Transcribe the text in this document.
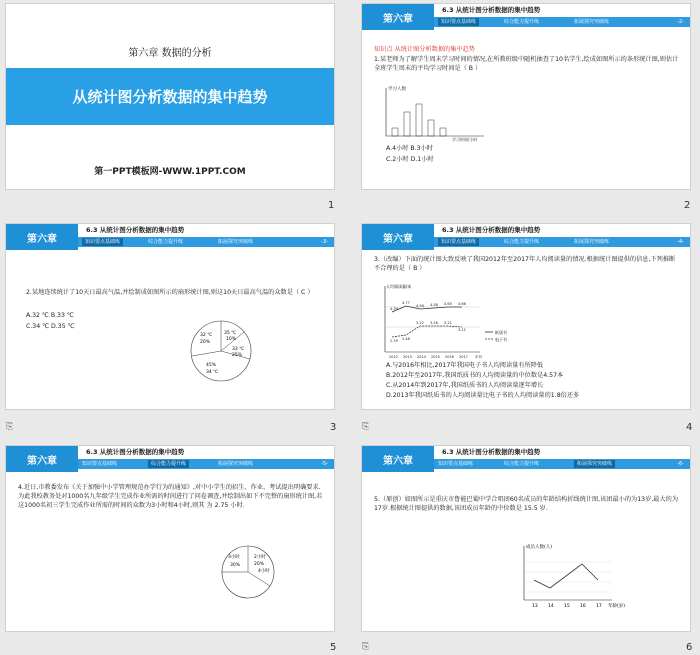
第六章 数据的分析
从统计图分析数据的集中趋势
第一PPT模板网-WWW.1PPT.COM
1
第六章
6.3 从统计图分析数据的集中趋势
知识要点基础练	综合能力提升练	拓展探究突破练	-2-
知识点 从统计图分析数据的集中趋势
1.某老师为了解学生周末学习时间的情况,在所教班级中随机抽查了10名学生,绘成如图所示的条形统计图,则估计全班学生周末的平均学习时间是（ B ）
学习人数
学习时间/小时
A.4小时 B.3小时
C.2小时 D.1小时
2
第六章
6.3 从统计图分析数据的集中趋势
知识要点基础练	综合能力提升练	拓展探究突破练	-3-
2.某地连续统计了10天日最高气温,并绘制成如图所示的扇形统计图,则这10天日最高气温的众数是（ C ）
A.32 ℃ B.33 ℃
C.34 ℃ D.35 ℃
35 ℃
10%
32 ℃
20%
33 ℃
25%
45%
34 ℃
⎘	3
第六章
6.3 从统计图分析数据的集中趋势
知识要点基础练	综合能力提升练	拓展探究突破练	-4-
3.（改编）下面的统计图大致反映了我国2012年至2017年人均阅读量的情况.根据统计图提供的信息,下列推断不合理的是（ B ）
人均阅读量/本
4.39
4.77
4.56 4.58 4.65 4.66
2.35 2.48
3.22 3.26 3.21
3.12
2012 2013 2014 2015 2016 2017 年份
纸质书
电子书
A.与2016年相比,2017年我国电子书人均阅读量有所降低
B.2012年至2017年,我国纸质书的人均阅读量的中位数是4.57本
C.从2014年到2017年,我国纸质书的人均阅读量逐年增长
D.2013年我国纸质书的人均阅读量比电子书的人均阅读量的1.8倍还多
⎘	4
第六章
6.3 从统计图分析数据的集中趋势
知识要点基础练	综合能力提升练	拓展探究突破练	-5-
4.近日,市教委发布《关于加强中小学管理规范办学行为的通知》,对中小学生的招生、作业、考试提出明确要求.为此我校教务处对1000名九年级学生完成作业所需的时间进行了问卷调查,并绘制出如下不完整的扇形统计图,若这1000名初三学生完成作业所需的时间的众数为3小时和4小时,则其 为 2.75 小时.
3小时	2小时
4小时
20%
30%
5
第六章
6.3 从统计图分析数据的集中趋势
知识要点基础练	综合能力提升练	拓展探究突破练	-6-
5.（原创）如图所示是重庆市鲁能巴蜀中学合唱团60名成员的年龄结构折线统计图,该团最小的为13岁,最大的为17岁.根据统计图提供的数据,该团成员年龄的中位数是 15.5 岁.
成员人数(人)
13 14 15 16 17 年龄(岁)
⎘	6
